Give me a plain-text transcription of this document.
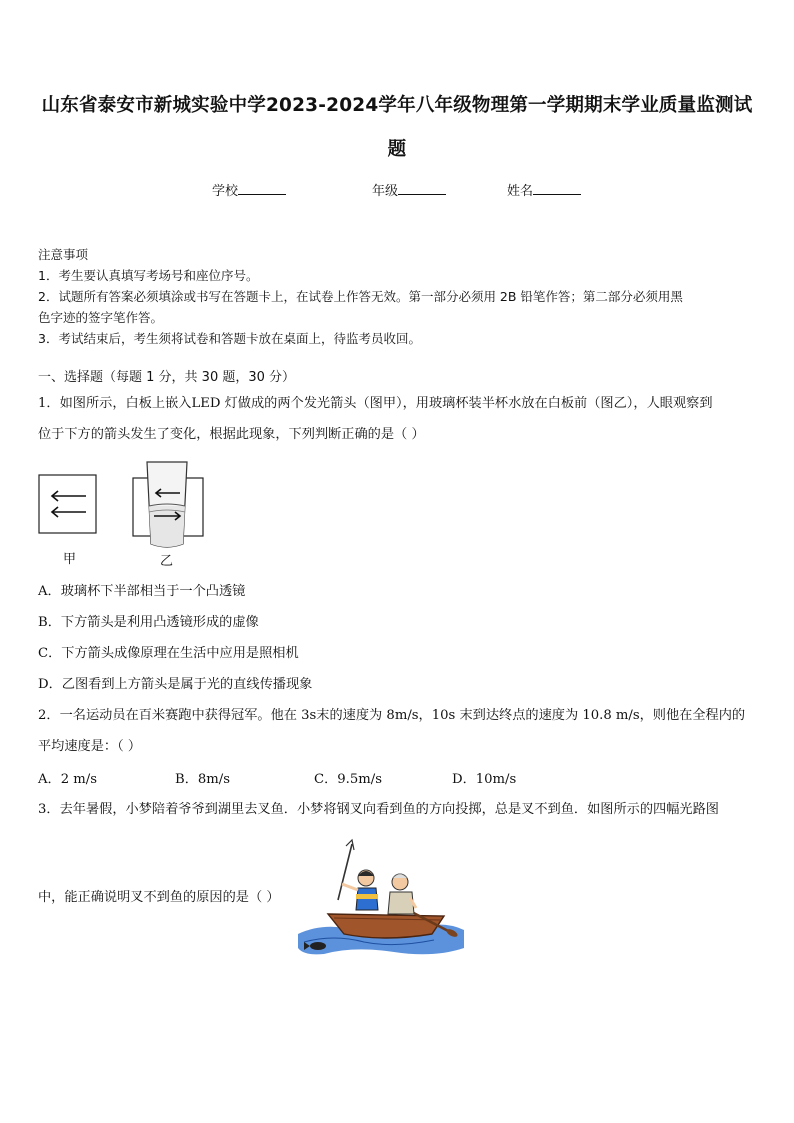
山东省泰安市新城实验中学2023-2024学年八年级物理第一学期期末学业质量监测试
题
学校	年级	姓名

注意事项

1．考生要认真填写考场号和座位序号。

2．试题所有答案必须填涂或书写在答题卡上，在试卷上作答无效。第一部分必须用 2B 铅笔作答；第二部分必须用黑

色字迹的签字笔作答。

3．考试结束后，考生须将试卷和答题卡放在桌面上，待监考员收回。

一、选择题（每题 1 分，共 30 题，30 分）

1．如图所示，白板上嵌入LED 灯做成的两个发光箭头（图甲），用玻璃杯装半杯水放在白板前（图乙），人眼观察到

位于下方的箭头发生了变化，根据此现象，下列判断正确的是（ ）

甲	乙
A．玻璃杯下半部相当于一个凸透镜
B．下方箭头是利用凸透镜形成的虚像
C．下方箭头成像原理在生活中应用是照相机
D．乙图看到上方箭头是属于光的直线传播现象

2．一名运动员在百米赛跑中获得冠军。他在 3s末的速度为 8m/s，10s 末到达终点的速度为 10.8 m/s，则他在全程内的

平均速度是：（ ）

A．2 m/s	B．8m/s	C．9.5m/s	D．10m/s

3．去年暑假，小梦陪着爷爷到湖里去叉鱼．小梦将钢叉向看到鱼的方向投掷，总是叉不到鱼．如图所示的四幅光路图

中，能正确说明叉不到鱼的原因的是（ ）
